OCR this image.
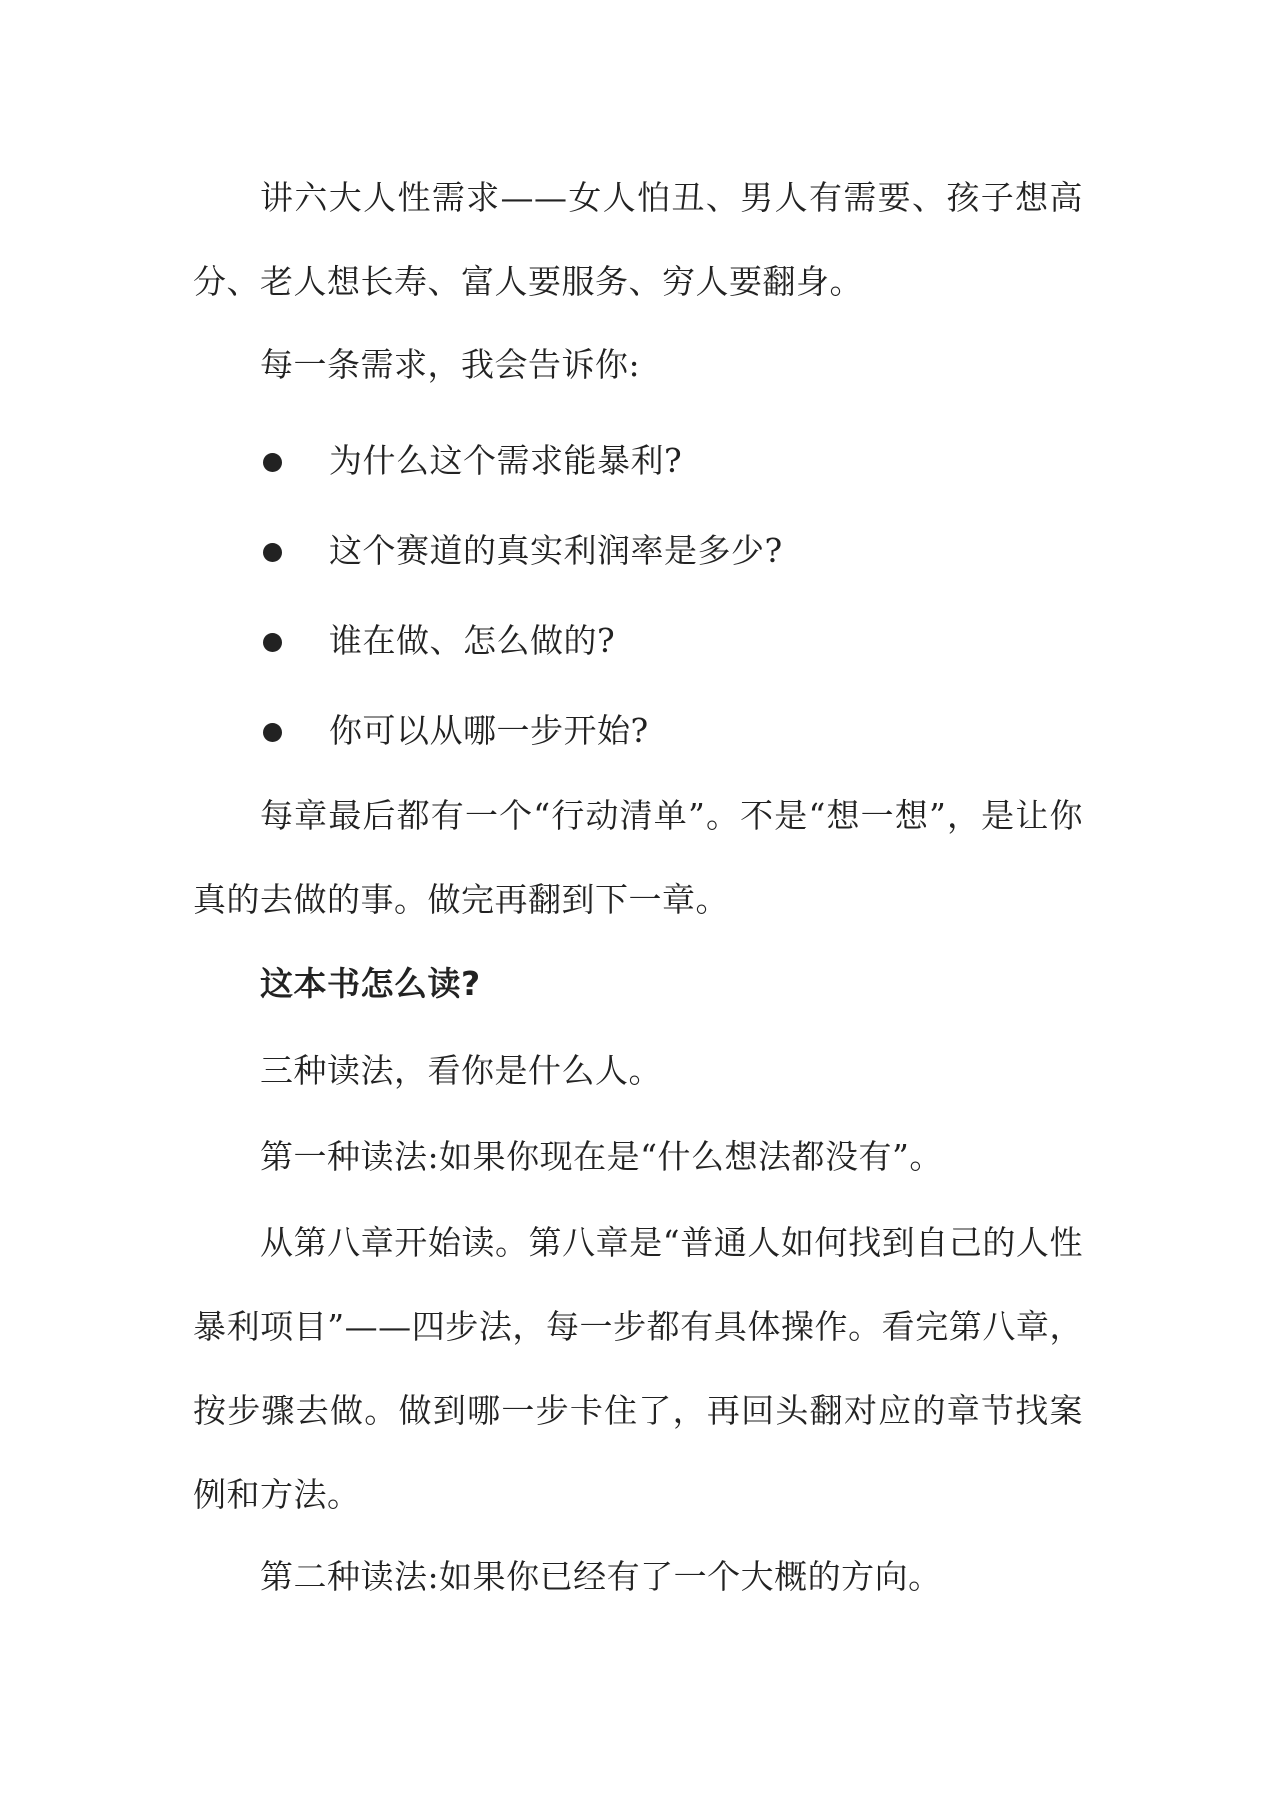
讲六大人性需求——女人怕丑、男人有需要、孩子想高分、老人想长寿、富人要服务、穷人要翻身。

每一条需求，我会告诉你:

为什么这个需求能暴利?
这个赛道的真实利润率是多少?
谁在做、怎么做的?
你可以从哪一步开始?

每章最后都有一个“行动清单”。不是“想一想”，是让你真的去做的事。做完再翻到下一章。

这本书怎么读?

三种读法，看你是什么人。

第一种读法:如果你现在是“什么想法都没有”。

从第八章开始读。第八章是“普通人如何找到自己的人性暴利项目”——四步法，每一步都有具体操作。看完第八章，按步骤去做。做到哪一步卡住了，再回头翻对应的章节找案例和方法。

第二种读法:如果你已经有了一个大概的方向。
